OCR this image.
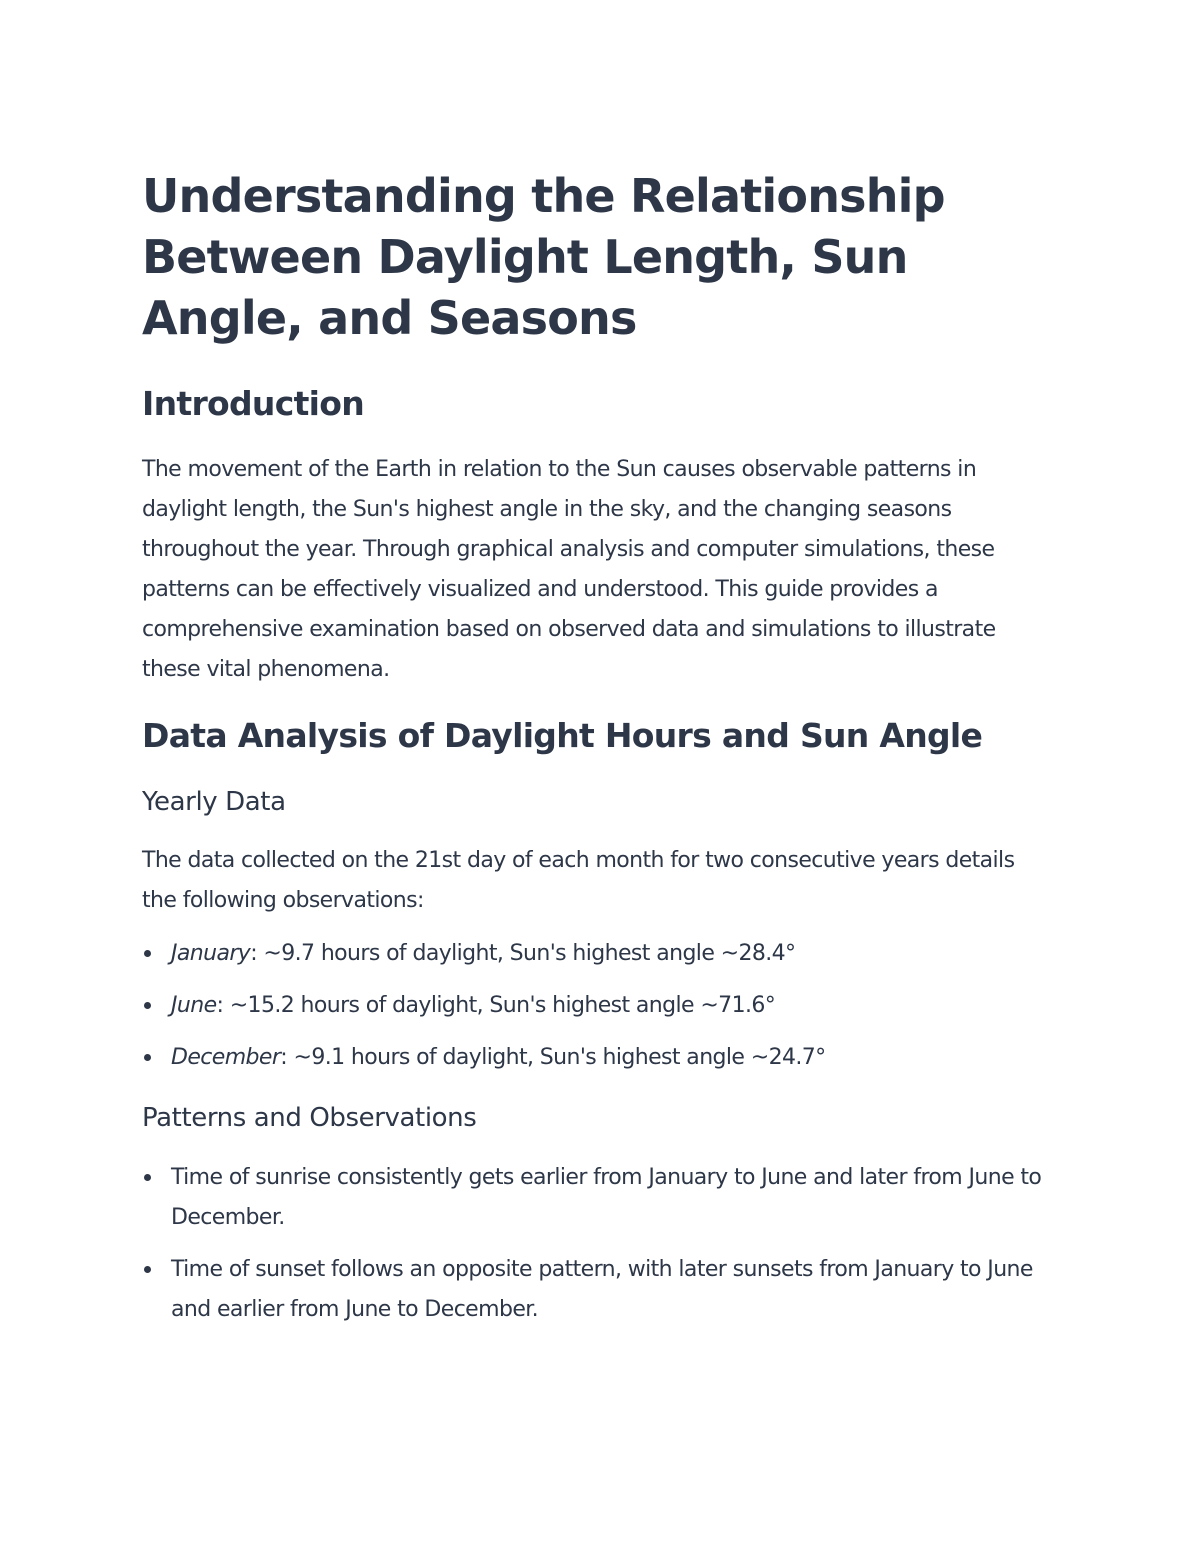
Understanding the Relationship Between Daylight Length, Sun Angle, and Seasons
Introduction

The movement of the Earth in relation to the Sun causes observable patterns in daylight length, the Sun's highest angle in the sky, and the changing seasons throughout the year. Through graphical analysis and computer simulations, these patterns can be effectively visualized and understood. This guide provides a comprehensive examination based on observed data and simulations to illustrate these vital phenomena.

Data Analysis of Daylight Hours and Sun Angle
Yearly Data

The data collected on the 21st day of each month for two consecutive years details the following observations:

January: ~9.7 hours of daylight, Sun's highest angle ~28.4°
June: ~15.2 hours of daylight, Sun's highest angle ~71.6°
December: ~9.1 hours of daylight, Sun's highest angle ~24.7°
Patterns and Observations
Time of sunrise consistently gets earlier from January to June and later from June to December.
Time of sunset follows an opposite pattern, with later sunsets from January to June and earlier from June to December.
